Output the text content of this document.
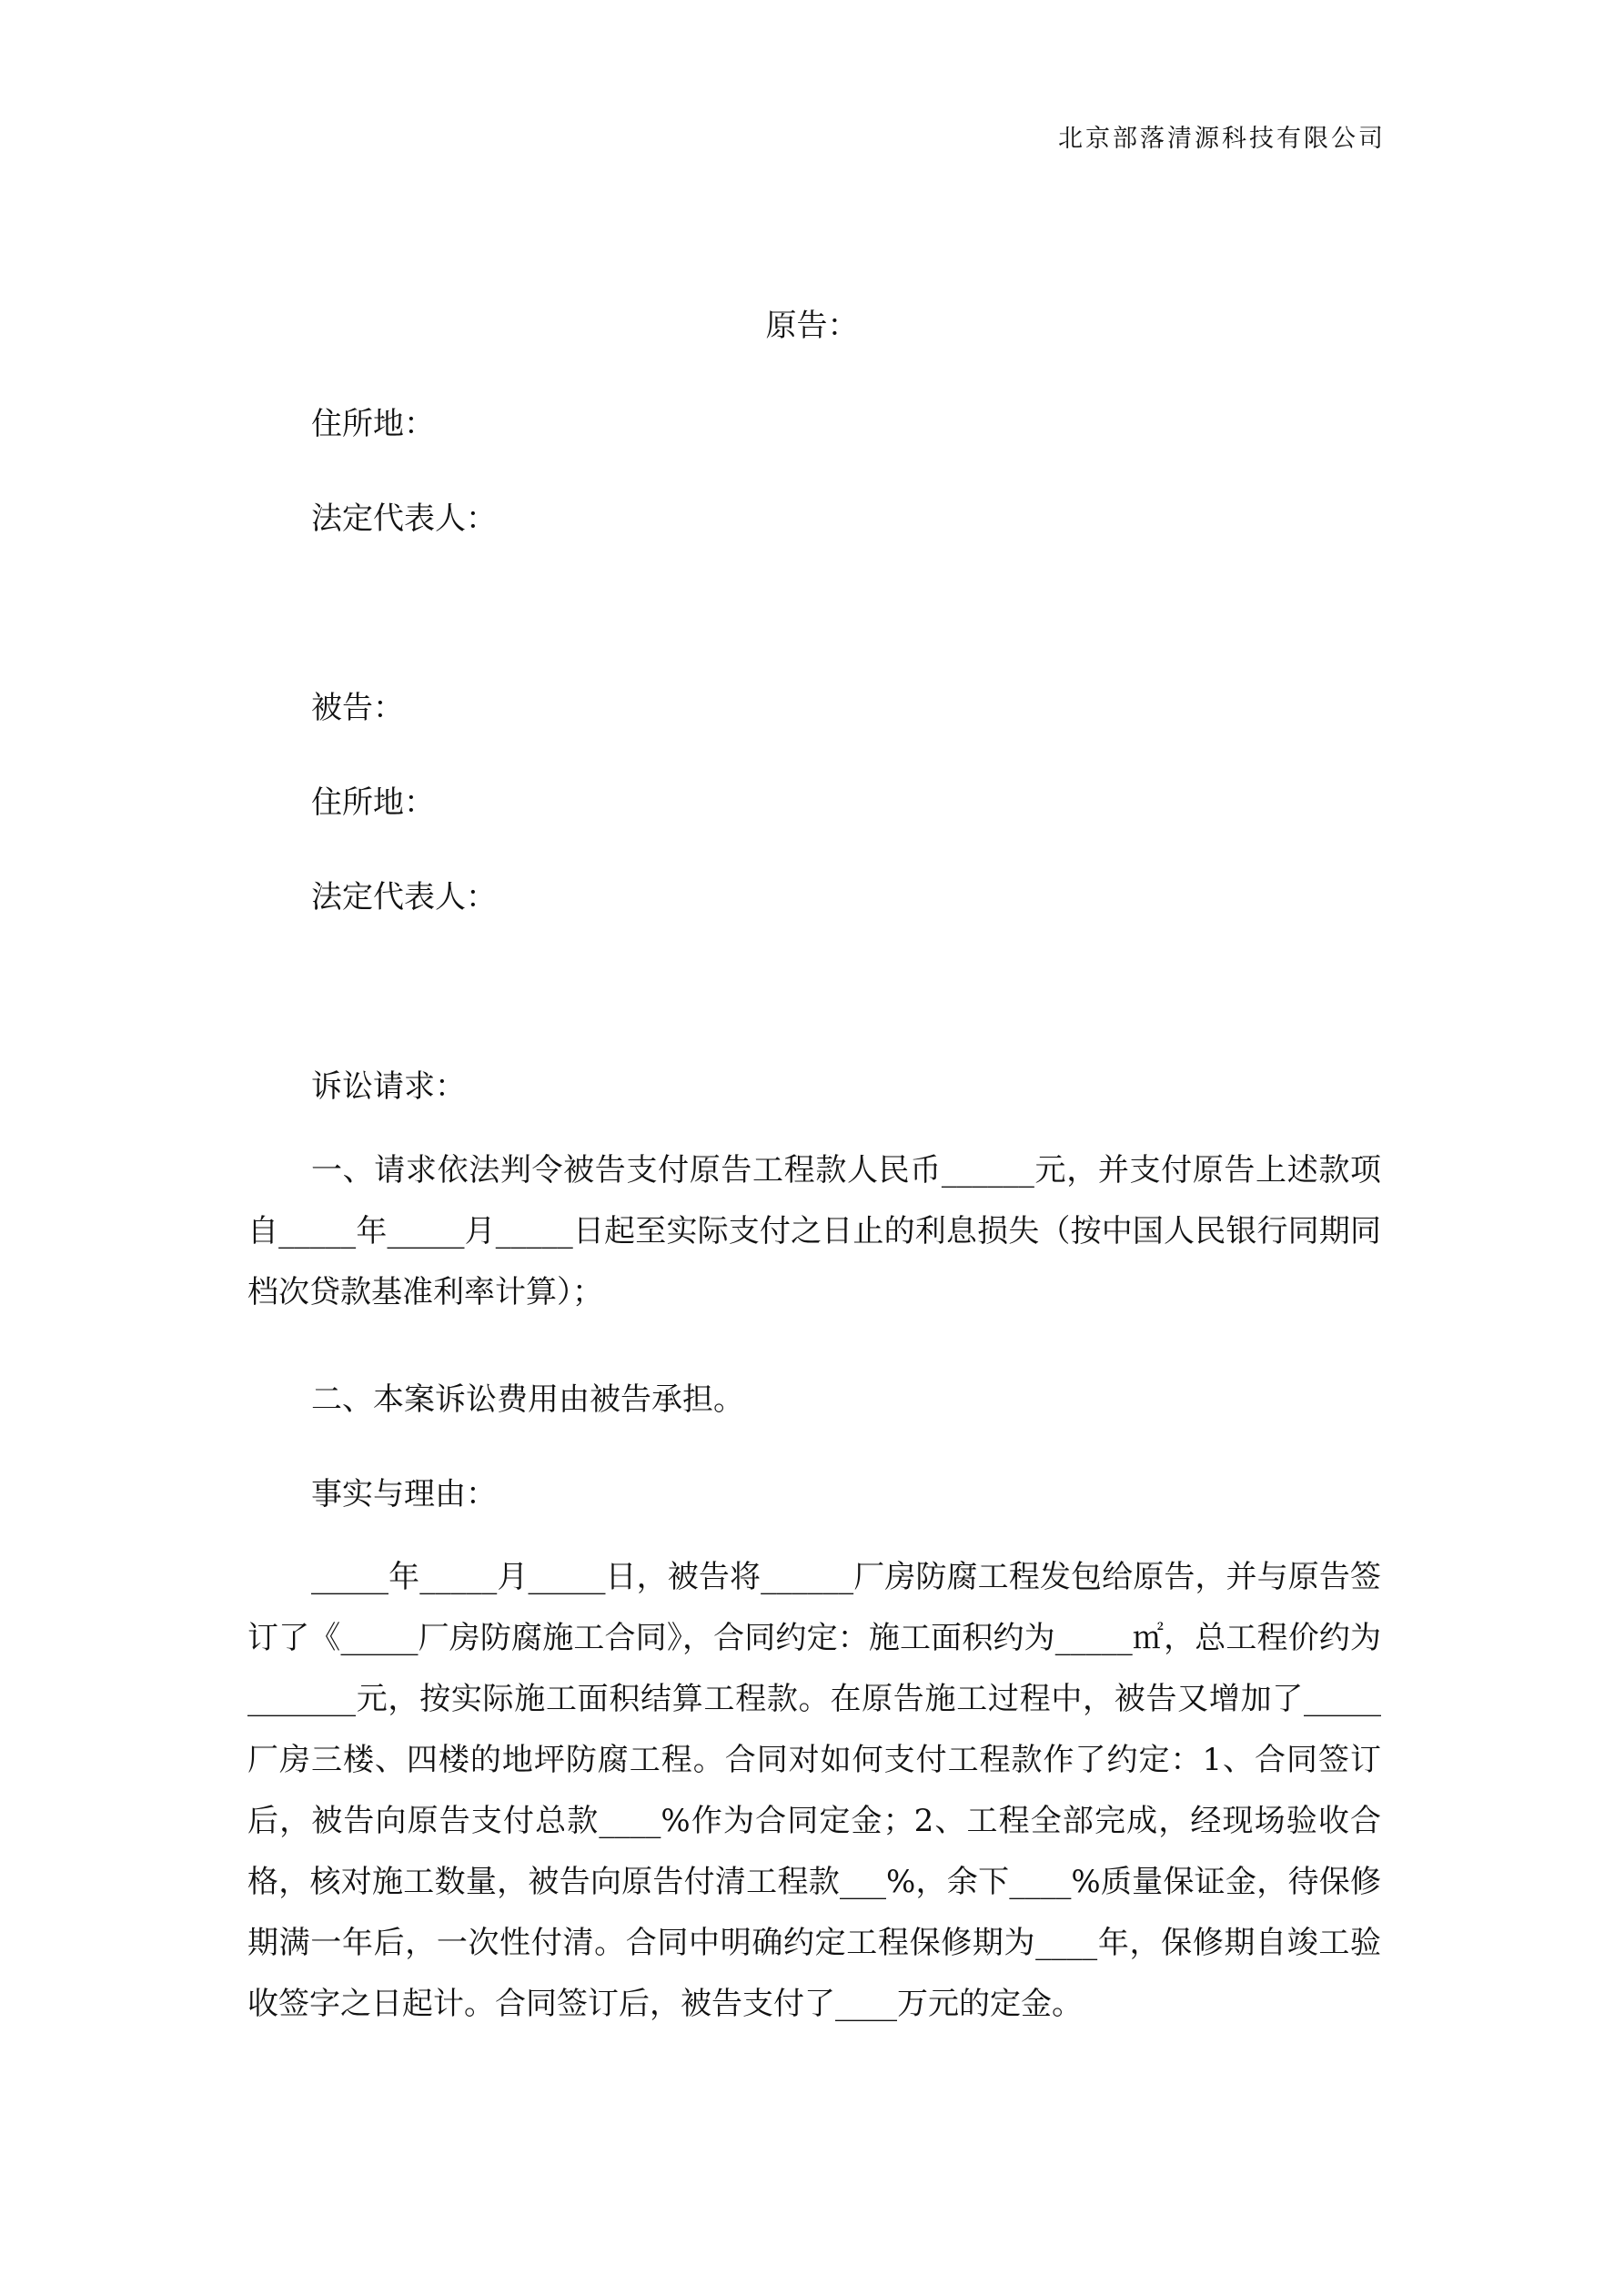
北京部落清源科技有限公司
原告：
住所地：
法定代表人：
被告：
住所地：
法定代表人：
诉讼请求：
一、请求依法判令被告支付原告工程款人民币______元，并支付原告上述款项自_____年_____月_____日起至实际支付之日止的利息损失（按中国人民银行同期同档次贷款基准利率计算）；
二、本案诉讼费用由被告承担。
事实与理由：
_____年_____月_____日，被告将______厂房防腐工程发包给原告，并与原告签订了《_____厂房防腐施工合同》，合同约定：施工面积约为_____㎡，总工程价约为_______元，按实际施工面积结算工程款。在原告施工过程中，被告又增加了_____厂房三楼、四楼的地坪防腐工程。合同对如何支付工程款作了约定：1、合同签订后，被告向原告支付总款____%作为合同定金；2、工程全部完成，经现场验收合格，核对施工数量，被告向原告付清工程款___%，余下____%质量保证金，待保修期满一年后，一次性付清。合同中明确约定工程保修期为____年，保修期自竣工验收签字之日起计。合同签订后，被告支付了____万元的定金。
